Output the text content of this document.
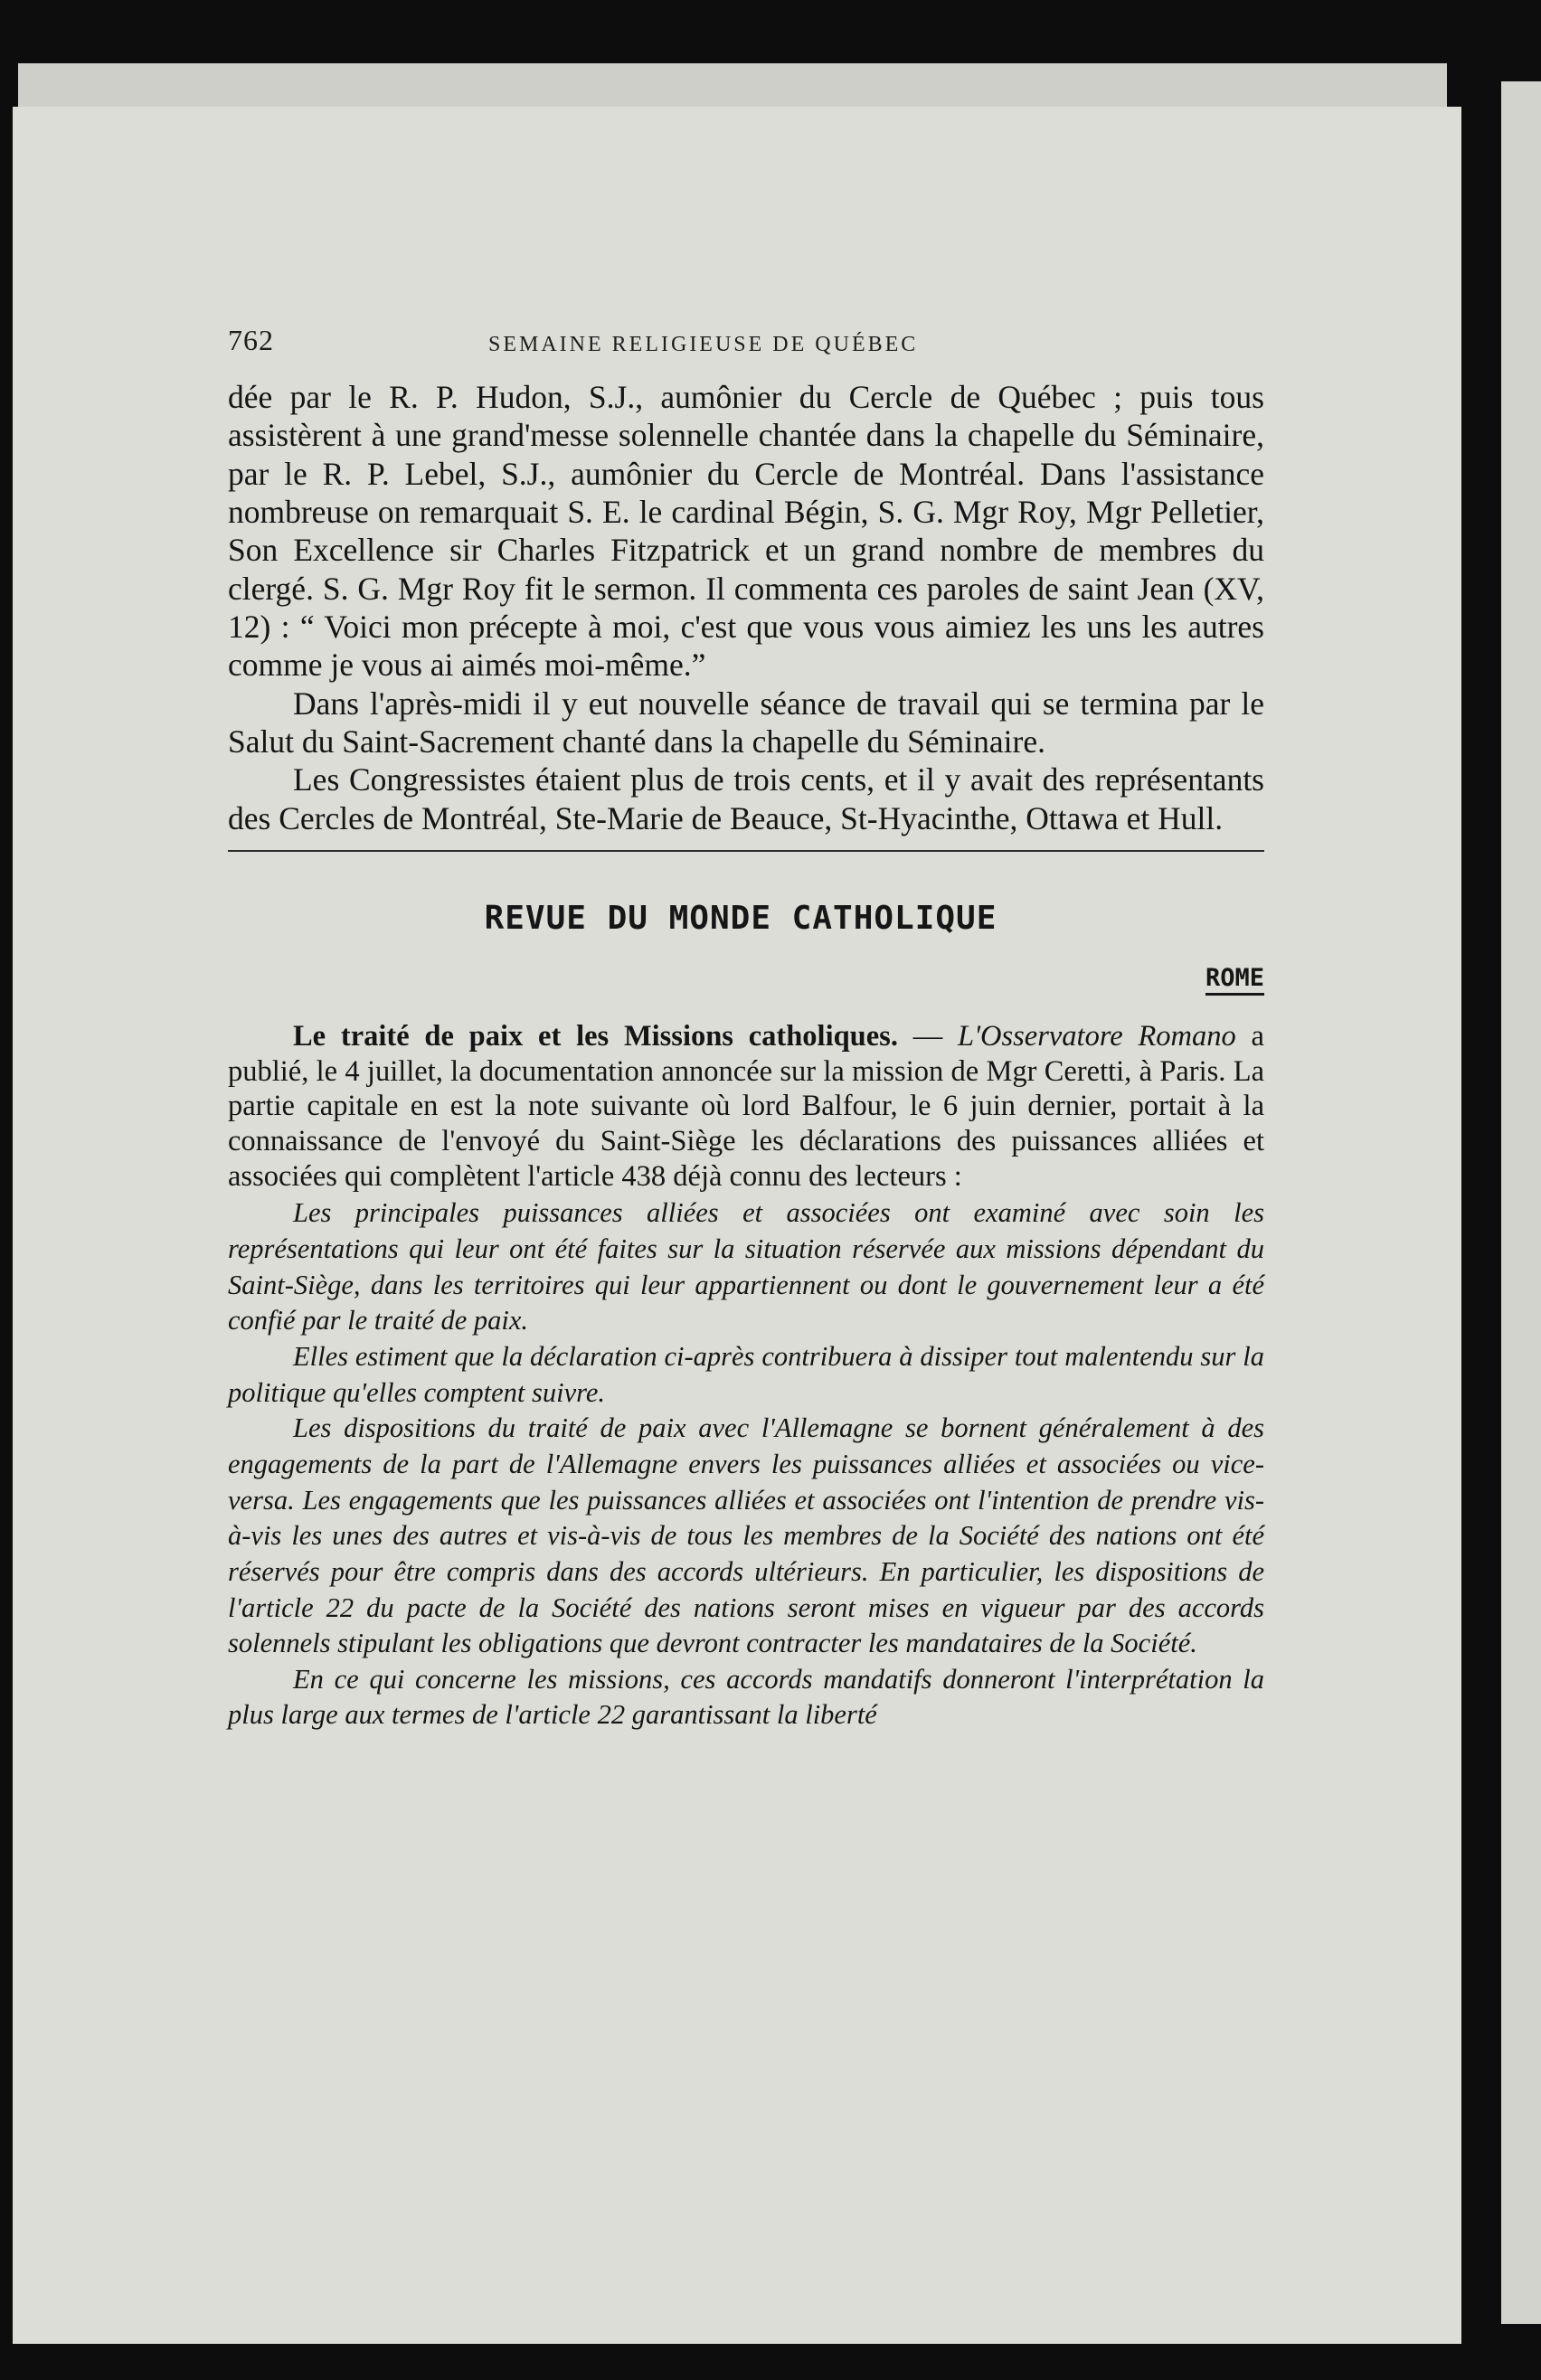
762	SEMAINE RELIGIEUSE DE QUÉBEC

dée par le R. P. Hudon, S.J., aumônier du Cercle de Québec ; puis tous assistèrent à une grand'messe solennelle chantée dans la chapelle du Séminaire, par le R. P. Lebel, S.J., aumônier du Cercle de Montréal. Dans l'assistance nombreuse on remarquait S. E. le cardinal Bégin, S. G. Mgr Roy, Mgr Pelletier, Son Excellence sir Charles Fitzpatrick et un grand nombre de membres du clergé. S. G. Mgr Roy fit le sermon. Il commenta ces paroles de saint Jean (XV, 12) : “ Voici mon précepte à moi, c'est que vous vous aimiez les uns les autres comme je vous ai aimés moi-même.”

Dans l'après-midi il y eut nouvelle séance de travail qui se termina par le Salut du Saint-Sacrement chanté dans la chapelle du Séminaire.

Les Congressistes étaient plus de trois cents, et il y avait des représentants des Cercles de Montréal, Ste-Marie de Beauce, St-Hyacinthe, Ottawa et Hull.

REVUE DU MONDE CATHOLIQUE
ROME

Le traité de paix et les Missions catholiques. — L'Osservatore Romano a publié, le 4 juillet, la documentation annoncée sur la mission de Mgr Ceretti, à Paris. La partie capitale en est la note suivante où lord Balfour, le 6 juin dernier, portait à la connaissance de l'envoyé du Saint-Siège les déclarations des puissances alliées et associées qui complètent l'article 438 déjà connu des lecteurs :

Les principales puissances alliées et associées ont examiné avec soin les représentations qui leur ont été faites sur la situation réservée aux missions dépendant du Saint-Siège, dans les territoires qui leur appartiennent ou dont le gouvernement leur a été confié par le traité de paix.

Elles estiment que la déclaration ci-après contribuera à dissiper tout malentendu sur la politique qu'elles comptent suivre.

Les dispositions du traité de paix avec l'Allemagne se bornent généralement à des engagements de la part de l'Allemagne envers les puissances alliées et associées ou vice-versa. Les engagements que les puissances alliées et associées ont l'intention de prendre vis-à-vis les unes des autres et vis-à-vis de tous les membres de la Société des nations ont été réservés pour être compris dans des accords ultérieurs. En particulier, les dispositions de l'article 22 du pacte de la Société des nations seront mises en vigueur par des accords solennels stipulant les obligations que devront contracter les mandataires de la Société.

En ce qui concerne les missions, ces accords mandatifs donneront l'interprétation la plus large aux termes de l'article 22 garantissant la liberté
